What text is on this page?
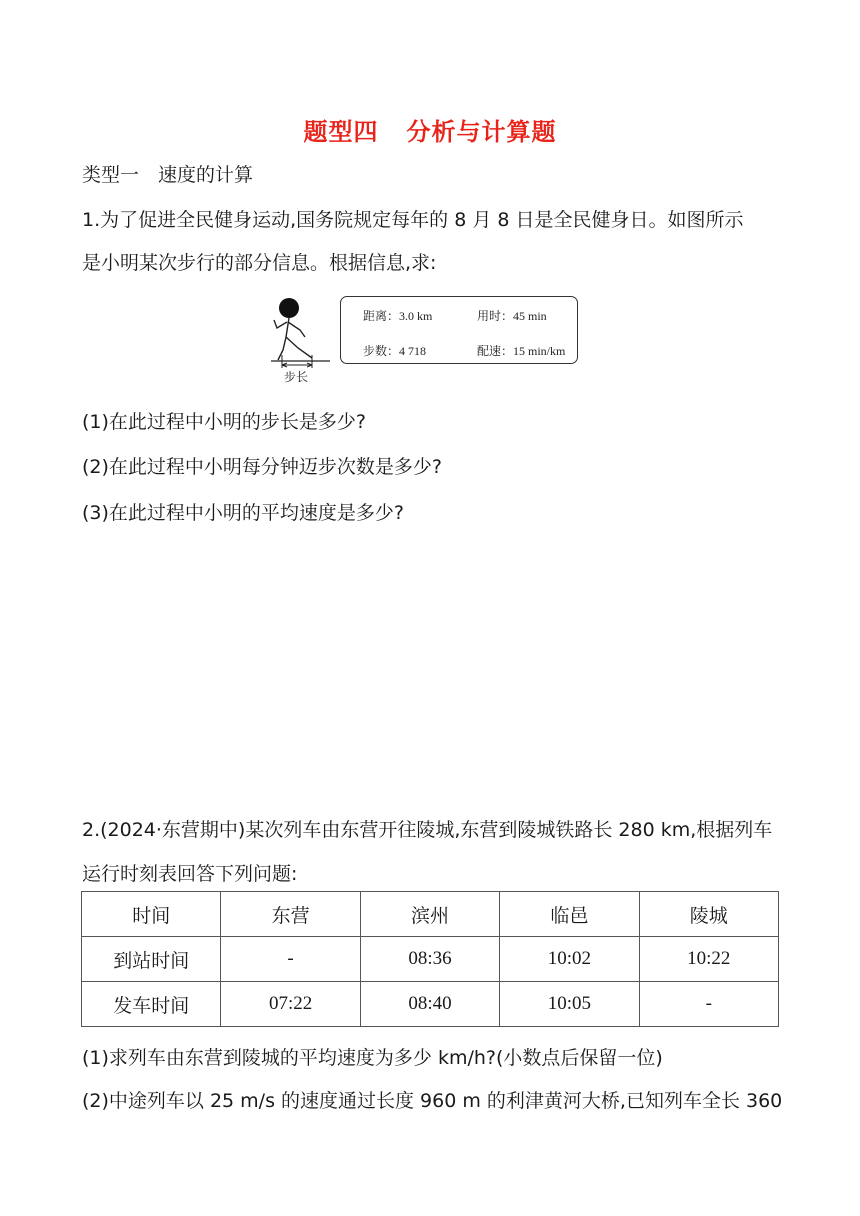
题型四 分析与计算题
类型一　速度的计算
1.为了促进全民健身运动,国务院规定每年的 8 月 8 日是全民健身日。如图所示
是小明某次步行的部分信息。根据信息,求:
步长
距离：3.0 km	用时：45 min
步数：4 718	配速：15 min/km
(1)在此过程中小明的步长是多少?
(2)在此过程中小明每分钟迈步次数是多少?
(3)在此过程中小明的平均速度是多少?
2.(2024·东营期中)某次列车由东营开往陵城,东营到陵城铁路长 280 km,根据列车
运行时刻表回答下列问题:
时间	东营	滨州	临邑	陵城
到站时间	-	08:36	10:02	10:22
发车时间	07:22	08:40	10:05	-
(1)求列车由东营到陵城的平均速度为多少 km/h?(小数点后保留一位)
(2)中途列车以 25 m/s 的速度通过长度 960 m 的利津黄河大桥,已知列车全长 360
